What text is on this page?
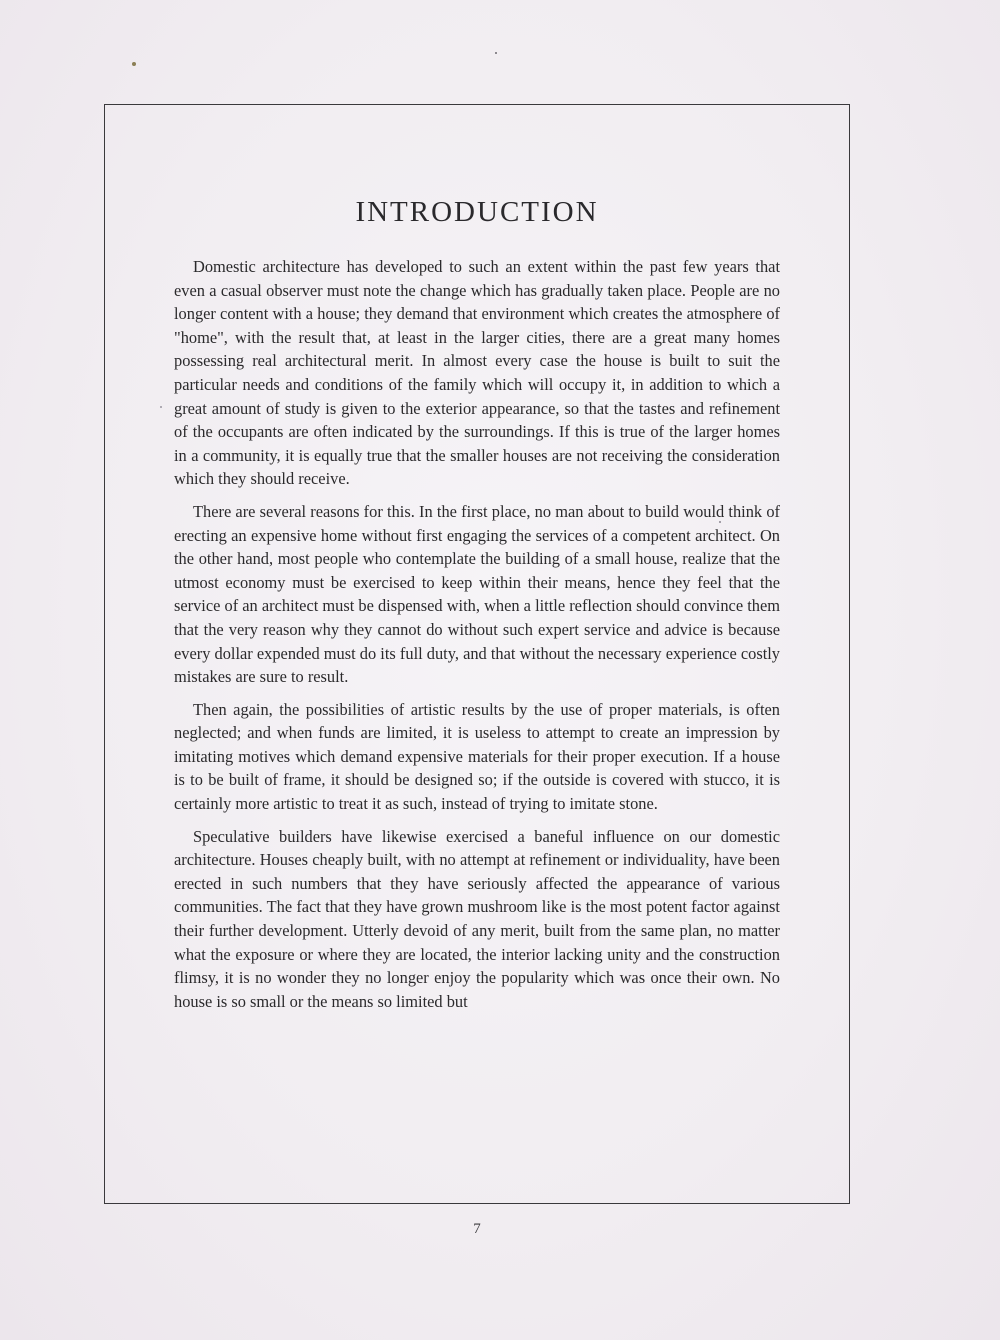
INTRODUCTION

Domestic architecture has developed to such an extent within the past few years that even a casual observer must note the change which has gradually taken place. People are no longer content with a house; they demand that environment which creates the atmosphere of "home", with the result that, at least in the larger cities, there are a great many homes possessing real architectural merit. In almost every case the house is built to suit the particular needs and conditions of the family which will occupy it, in addition to which a great amount of study is given to the exterior appearance, so that the tastes and refinement of the occupants are often indicated by the surroundings. If this is true of the larger homes in a community, it is equally true that the smaller houses are not receiving the consideration which they should receive.

There are several reasons for this. In the first place, no man about to build would think of erecting an expensive home without first engaging the services of a competent architect. On the other hand, most people who contemplate the building of a small house, realize that the utmost economy must be exercised to keep within their means, hence they feel that the service of an architect must be dispensed with, when a little reflection should convince them that the very reason why they cannot do without such expert service and advice is because every dollar expended must do its full duty, and that without the necessary experience costly mistakes are sure to result.

Then again, the possibilities of artistic results by the use of proper materials, is often neglected; and when funds are limited, it is useless to attempt to create an impression by imitating motives which demand expensive materials for their proper execution. If a house is to be built of frame, it should be designed so; if the outside is covered with stucco, it is certainly more artistic to treat it as such, instead of trying to imitate stone.

Speculative builders have likewise exercised a baneful influence on our domestic architecture. Houses cheaply built, with no attempt at refinement or individuality, have been erected in such numbers that they have seriously affected the appearance of various communities. The fact that they have grown mushroom like is the most potent factor against their further development. Utterly devoid of any merit, built from the same plan, no matter what the exposure or where they are located, the interior lacking unity and the construction flimsy, it is no wonder they no longer enjoy the popularity which was once their own. No house is so small or the means so limited but

7
